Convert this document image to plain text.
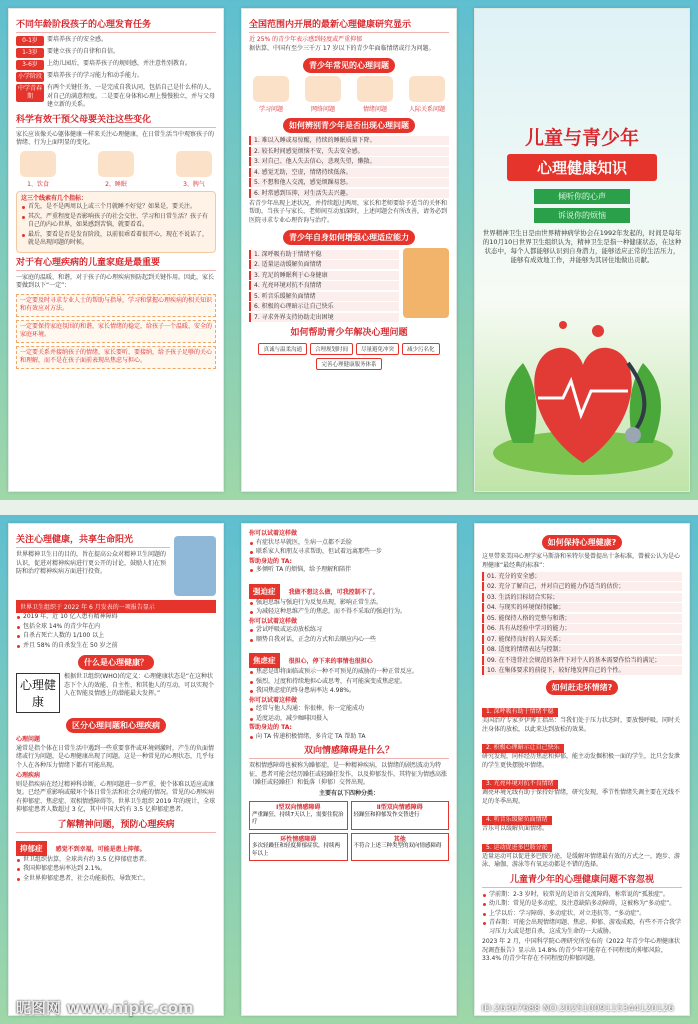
不同年龄阶段孩子的心理发育任务
0-1岁	要培养孩子的安全感。
1-3岁	要建立孩子的自律和自信。
3-6岁	上幼儿园后，要培养孩子的规则感，并注意性别教育。
小学阶段 要培养孩子的学习能力和动手能力。
中学青春期
有两个关键任务，一是完成自我认同，包括自己是什么样的人，对自己的满意程度。二是要在身体和心理上慢慢独立，并与父母建立新的关系。
科学有效干预父母要关注这些变化
家长应该像关心躯体健康一样来关注心理健康，在日常生活当中观察孩子的情绪、行为上面明显的变化。
1、饮食	2、睡眠	3、脾气
这三个线索有几个指标：
首先，是不是两周以上或三个月就睡不好觉？如果是，要关注。
其次，严重程度是否影响孩子的社会交往、学习和日常生活？孩子有自己的内心世界，如果感到苦恼，就要看看。
最后，要看是否是发育阶段，以前很乖看着很开心，现在不说话了，就是出现问题的时候。
对于有心理疾病的儿童家庭是最重要
一家庭的温暖、和谐，对于孩子的心理疾病预防起到关键作用。因此，家长要做到以下“一定”：
一定要及时寻求专业人士的帮助与指导，学习和掌握心理疾病的相关知识和有效应对方法。
一定要保持家庭氛围的和谐，家长情绪的稳定，给孩子一个温暖、安全的家庭环境。
一定要关系并接纳孩子的情绪，家长要听、要接纳，给予孩子足够的关心和理解，而不是在孩子面前表现出焦虑与担心。
全国范围内开展的最新心理健康研究显示
近 25% 的青少年表示感到轻度或严重抑郁
据估算，中国有至少三千万 17 岁以下的青少年面临情绪或行为问题。
青少年常见的心理问题
学习问题	网络问题	情绪问题	人际关系问题
如何辨别青少年是否出现心理问题
1. 难以入睡或易惊醒，持续的睡眠质量下降。
2. 较长时间感觉烦恼不安，失去安全感。
3. 对自己、他人失去信心，悲观失望，懒散。
4. 感觉无助，空虚，情绪持续低落。
5. 不想和他人交流，感觉烦躁易怒。
6. 时常感到压抑，对生活失去兴趣。
若青少年出现上述状况，并持续超过两周，家长和老师要给予适当的关怀和帮助，当孩子与家长、老师间互动加深时，上述问题会有所改善，请务必到医院寻求专业心理咨询与治疗。
青少年自身如何增强心理适应能力
1. 深呼吸有助于情绪平稳
2. 适量运动缓解负面情绪
3. 充足的睡眠利于心身健康
4. 光亮环境对抗不良情绪
5. 听音乐缓解负面情绪
6. 积极的心理暗示让自己快乐
7. 寻求外界支持协助走出困境
如何帮助青少年解决心理问题
真诚与温柔沟通	合理规划时间	尽量避免冲突	减少污名化
完善心理健康服务体系
儿童与青少年
心理健康知识
倾听你的心声
诉说你的烦恼
世界精神卫生日是由世界精神病学协会在1992年发起的，时间是每年的10月10日世界卫生组织认为，精神卫生是指一种健康状态，在这种状态中，每个人都能够认识到自身潜力，能够适应正常的生活压力，能够有成效地工作，并能够为其居住地做出贡献。
关注心理健康，共享生命阳光
世界精神卫生日的目的，旨在提高公众对精神卫生问题的认识，促进对精神疾病进行更公开的讨论，鼓励人们在预防和治疗精神疾病方面进行投资。
世界卫生组织于 2022 年 6 月发表的一项报告显示
2019 年，近 10 亿人患有精神障碍
包括全球 14% 的青少年在内
自杀占死亡人数的 1/100 以上
并且 58% 的自杀发生在 50 岁之前
什么是心理健康？
心理健康
根据世卫组织(WHO)的定义：心理健康状态是“在这种状态下个人的效能、自主性、和其他人的互动，可以实现个人在智能及情感上的潜能最大发挥。”
区分心理问题和心理疾病
心理问题
通常是指个体在日常生活中遇到一些重要事件或环境刺激时，产生的负面情绪或行为问题，是心理健康出现了问题。这是一种常见的心理状态，几乎每个人在各种压力情绪下都有可能出现。
心理疾病
则是指疾病在经过精神科诊断，心理问题进一步严重，使个体难以适应或康复。已经严重影响或破坏个体日常生活和社会功能的情况。常见的心理疾病有抑郁症、焦虑症、双相情感障碍等。世界卫生组织 2019 年的统计，全球抑郁症患者人数超过 3 亿，其中中国大约有 3.5 亿抑郁症患者。
了解精神问题，预防心理疾病
抑郁症 感觉不到幸福，可能是患上抑郁。
世卫组织估算，全球共有约 3.5 亿抑郁症患者。
我国抑郁症患病率达到 2.1%。
全世界抑郁症患者，社会功能损伤，导致死亡。
你可以试着这样做
有症状尽早就医，生病一点都不丢脸
联系家人和朋友寻求帮助，但试着远离那些一步
帮助身边的 TA:
多倾听 TA 的烦恼，给予理解和陪伴
强迫症 我做不想这么做，可我控制不了。
强迫思维与强迫行为反复出现，影响正常生活。
为减轻这种思维产生的焦虑，而不得不采取的强迫行为。
你可以试着这样做
尝试呼吸或运动放松练习
顺势自我对话，正念的方式和去顺应内心一些
焦虑症 很担心，停下来的事情也很担心
焦虑是即将面临或预示一种不可预见的威胁的一种正常反应。
强烈，过度和持续地担心或思考，有可能演变成焦虑症。
我国焦虑症的终身患病率达 4.98%。
你可以试着这样做
经常与他人沟通：你很棒，你一定能成功
适度运动，减少咖啡因摄入
帮助身边的 TA:
向 TA 传递积极情绪，多肯定 TA 帮助 TA
双向情感障碍是什么？
双相情感障碍也被称为躁郁症，是一种精神疾病，以情绪的剧烈波动为特征，患者可能会经历躁狂或轻躁狂发作，以及抑郁发作。其特征为情感高涨（躁狂或轻躁狂）和低落（抑郁）交替出现。
主要有以下四种分类：
Ⅰ型双向情感障碍
严重躁狂，持续7天以上，需要住院治疗
Ⅱ型双向情感障碍
轻躁狂和抑郁发作交替进行
环性情感障碍
多次轻躁狂和轻度抑郁症状，持续两年以上
其他
不符合上述三种类型的双向情感障碍
如何保持心理健康?
这里带来美国心理学家马斯洛和米特尔曼曾提出十条标准，曾被公认为是心理健康“最经典的标准”：
01. 充分的安全感；
02. 充分了解自己，并对自己的能力作适当的估价；
03. 生活的目标切合实际；
04. 与现实的环境保持接触；
05. 能保持人格的完整与和谐；
06. 具有从经验中学习的能力；
07. 能保持良好的人际关系；
08. 适度的情绪表达与控制；
09. 在不违背社会规范的条件下对个人的基本需要作恰当的满足；
10. 在集体要求的前提下，较好地发挥自己的个性。
如何赶走坏情绪?
1. 深呼吸有助于情绪平稳
美国治疗专家罗伊博士指出：当我们处于压力状态时，要放慢呼吸，同时关注身体的放松，以此来达到放松的效果。
2. 积极心理暗示让自己快乐
研究发现，同样经历焦虑和抑郁，能主动发掘积极一面的学生，比只会发泄的学生更快摆脱坏情绪。
3. 光亮环境对抗不良情绪
调亮环境光线有助于保持好情绪，研究发现，季节性情绪失调主要在光线不足的冬季出现。
4. 听音乐缓解负面情绪
音乐可以缓解负面情绪。
5. 运动促进多巴胺分泌
适量运动可以促进多巴胺分泌，是缓解坏情绪最有效的方式之一，跑步、游泳、瑜伽、游泳等有氧运动都是不错的选择。
儿童青少年的心理健康问题不容忽视
学前期：2-3 岁时，较常见的是语言交流障碍，称常说的“孤独症”。
幼儿期：常见的是多动症，及注意缺陷多动障碍，这被称为“多动症”。
上学以后：学习障碍、多动症状、对立违抗等，“多动症”。
青春期：可能会出现情绪问题、焦虑、抑郁、游戏成瘾，有些不开合我学习压力大或是想自杀，这成为生命的一大威胁。
2023 年 2 月，中国科学院心理研究所发布的《2022 年青少年心理健康状况调查报告》显示出 14.8% 的青少年可能存在不同程度的抑郁风险，33.4% 的青少年存在不同程度的抑郁问题。
昵图网 www.nipic.com	ID:26367688 NO:20251009115344120126
